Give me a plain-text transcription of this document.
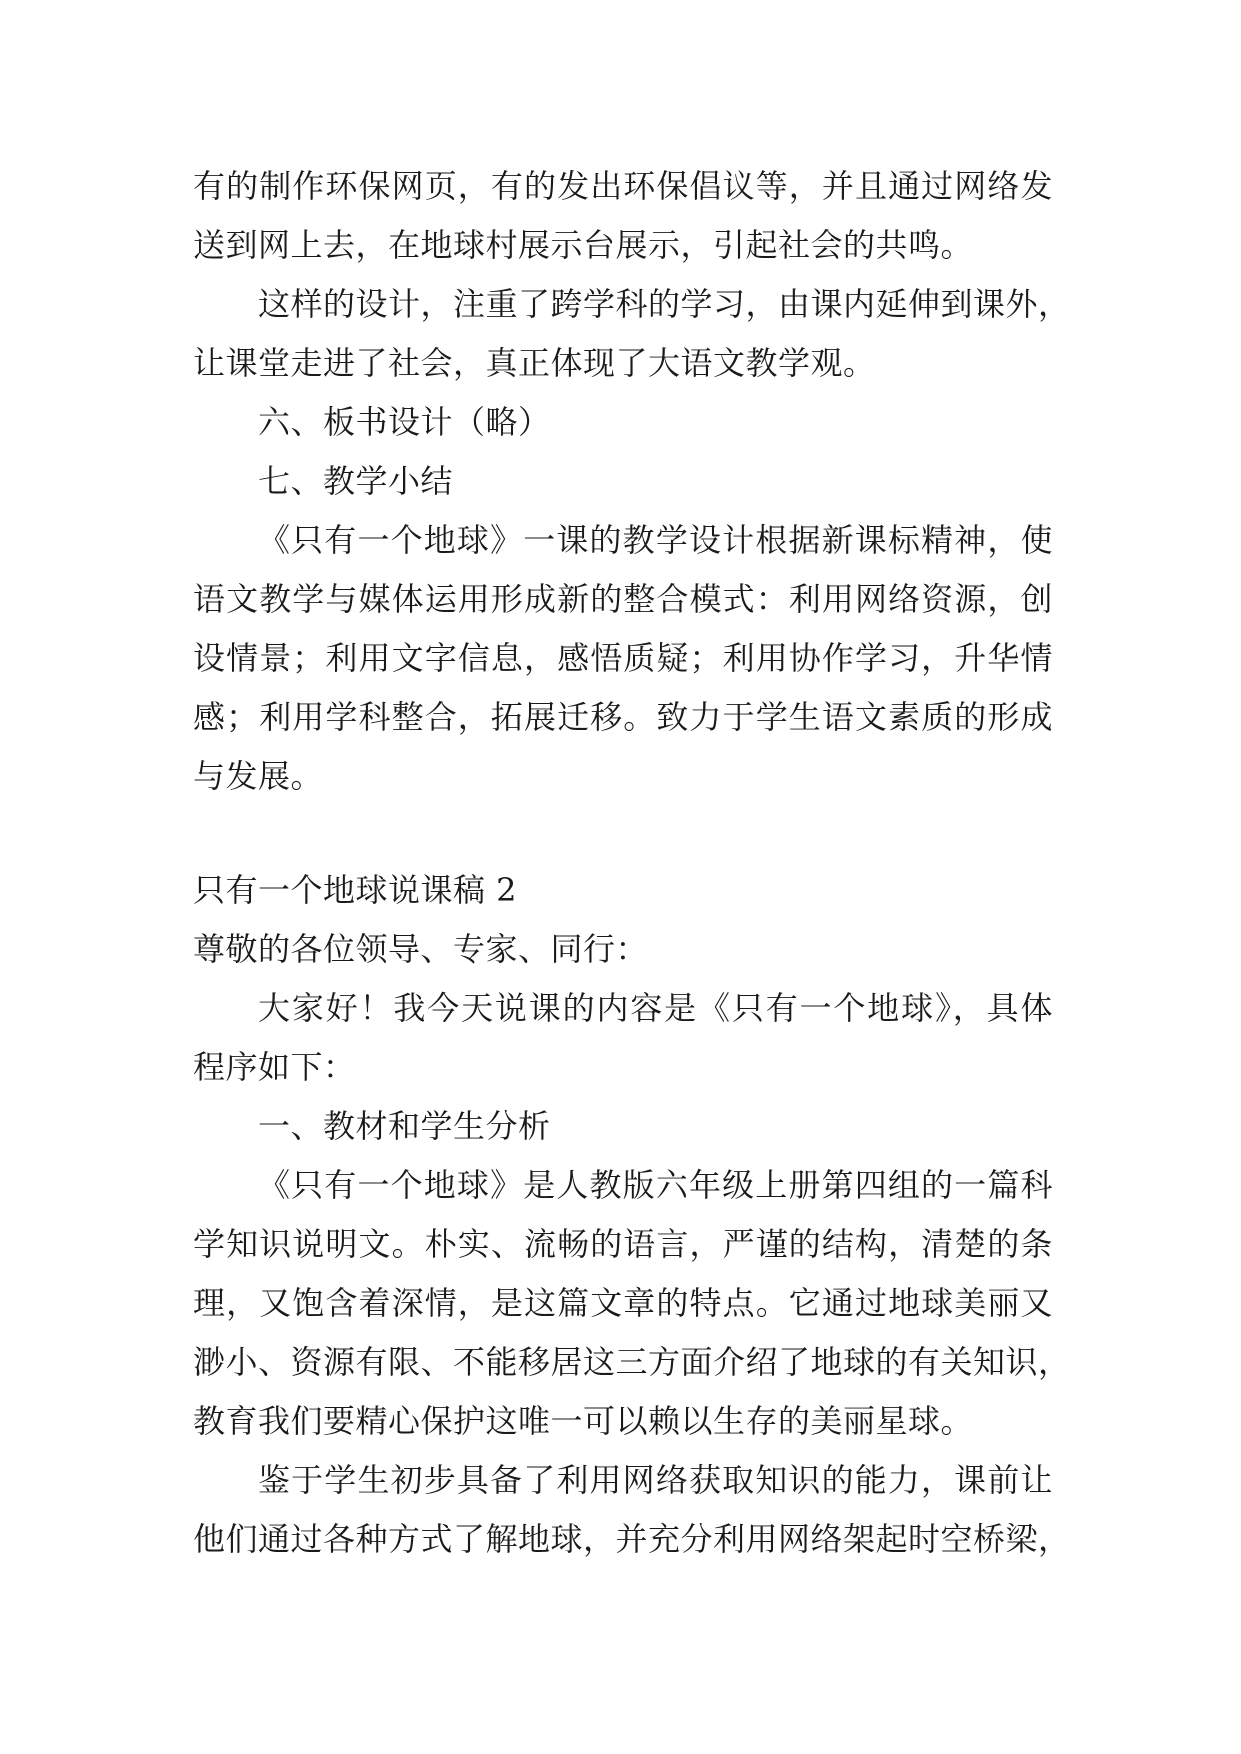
有的制作环保网页，有的发出环保倡议等，并且通过网络发

送到网上去，在地球村展示台展示，引起社会的共鸣。

这样的设计，注重了跨学科的学习，由课内延伸到课外，

让课堂走进了社会，真正体现了大语文教学观。

六、板书设计（略）

七、教学小结

《只有一个地球》一课的教学设计根据新课标精神，使

语文教学与媒体运用形成新的整合模式：利用网络资源，创

设情景；利用文字信息，感悟质疑；利用协作学习，升华情

感；利用学科整合，拓展迁移。致力于学生语文素质的形成

与发展。

只有一个地球说课稿 2

尊敬的各位领导、专家、同行：

大家好！我今天说课的内容是《只有一个地球》，具体

程序如下：

一、教材和学生分析

《只有一个地球》是人教版六年级上册第四组的一篇科

学知识说明文。朴实、流畅的语言，严谨的结构，清楚的条

理，又饱含着深情，是这篇文章的特点。它通过地球美丽又

渺小、资源有限、不能移居这三方面介绍了地球的有关知识，

教育我们要精心保护这唯一可以赖以生存的美丽星球。

鉴于学生初步具备了利用网络获取知识的能力，课前让

他们通过各种方式了解地球，并充分利用网络架起时空桥梁，
